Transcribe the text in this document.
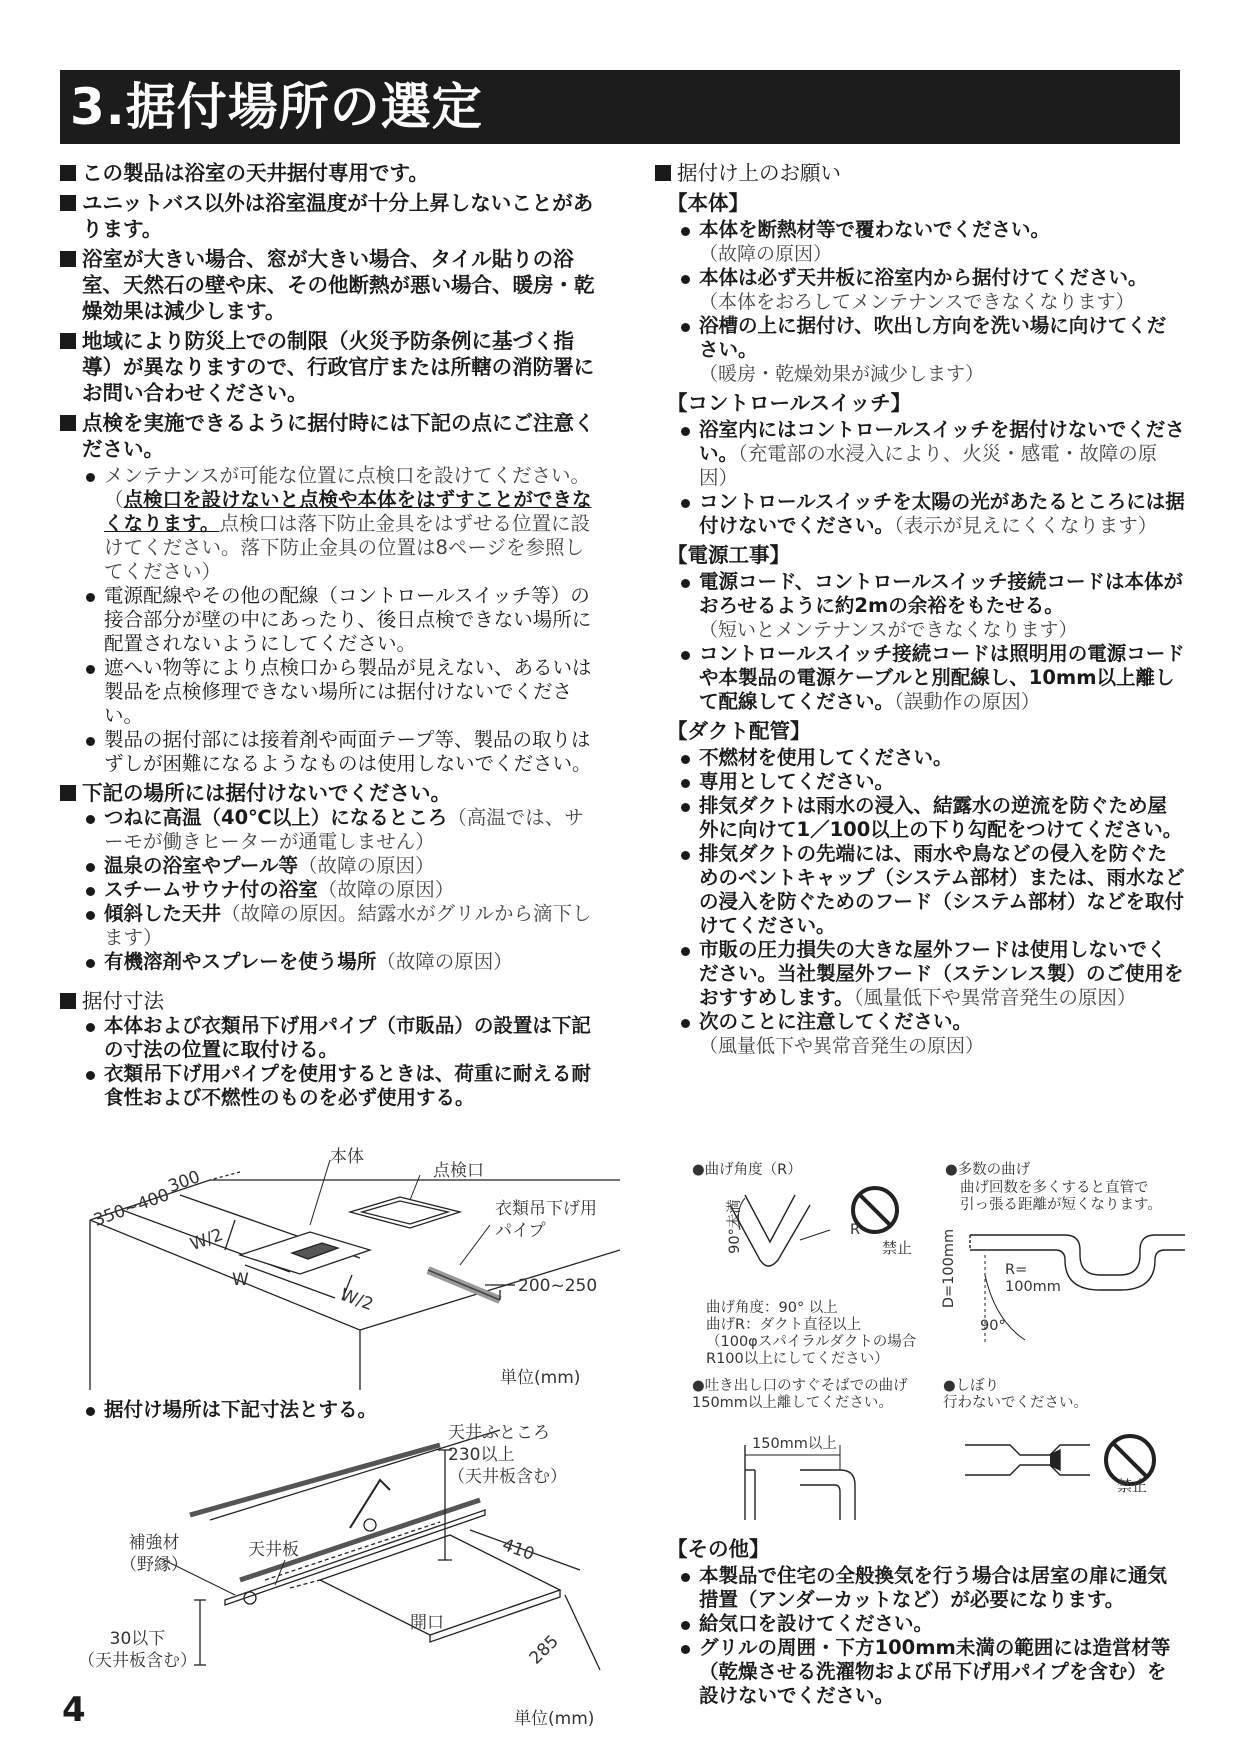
3.据付場所の選定

この製品は浴室の天井据付専用です。

ユニットバス以外は浴室温度が十分上昇しないことがあります。

浴室が大きい場合、窓が大きい場合、タイル貼りの浴室、天然石の壁や床、その他断熱が悪い場合、暖房・乾燥効果は減少します。

地域により防災上での制限（火災予防条例に基づく指導）が異なりますので、行政官庁または所轄の消防署にお問い合わせください。

点検を実施できるように据付時には下記の点にご注意ください。

メンテナンスが可能な位置に点検口を設けてください。（点検口を設けないと点検や本体をはずすことができなくなります。点検口は落下防止金具をはずせる位置に設けてください。落下防止金具の位置は8ページを参照してください）
電源配線やその他の配線（コントロールスイッチ等）の接合部分が壁の中にあったり、後日点検できない場所に配置されないようにしてください。
遮へい物等により点検口から製品が見えない、あるいは製品を点検修理できない場所には据付けないでください。
製品の据付部には接着剤や両面テープ等、製品の取りはずしが困難になるようなものは使用しないでください。

下記の場所には据付けないでください。

つねに高温（40℃以上）になるところ（高温では、サーモが働きヒーターが通電しません）
温泉の浴室やプール等（故障の原因）
スチームサウナ付の浴室（故障の原因）
傾斜した天井（故障の原因。結露水がグリルから滴下します）
有機溶剤やスプレーを使う場所（故障の原因）

据付寸法

本体および衣類吊下げ用パイプ（市販品）の設置は下記の寸法の位置に取付ける。
衣類吊下げ用パイプを使用するときは、荷重に耐える耐食性および不燃性のものを必ず使用する。
本体
点検口
衣類吊下げ用
パイプ
350~400
300
W/2
W
W/2	200~250
単位(mm)
据付け場所は下記寸法とする。
天井ふところ
230以上
（天井板含む）
補強材
（野縁）
天井板	410
開口
285
30以下
（天井板含む）
単位(mm)
4

据付け上のお願い

【本体】
本体を断熱材等で覆わないでください。
（故障の原因）
本体は必ず天井板に浴室内から据付けてください。
（本体をおろしてメンテナンスできなくなります）
浴槽の上に据付け、吹出し方向を洗い場に向けてください。
（暖房・乾燥効果が減少します）
【コントロールスイッチ】
浴室内にはコントロールスイッチを据付けないでください。（充電部の水浸入により、火災・感電・故障の原因）
コントロールスイッチを太陽の光があたるところには据付けないでください。（表示が見えにくくなります）
【電源工事】
電源コード、コントロールスイッチ接続コードは本体がおろせるように約2mの余裕をもたせる。
（短いとメンテナンスができなくなります）
コントロールスイッチ接続コードは照明用の電源コードや本製品の電源ケーブルと別配線し、10mm以上離して配線してください。（誤動作の原因）
【ダクト配管】
不燃材を使用してください。
専用としてください。
排気ダクトは雨水の浸入、結露水の逆流を防ぐため屋外に向けて1／100以上の下り勾配をつけてください。
排気ダクトの先端には、雨水や鳥などの侵入を防ぐためのベントキャップ（システム部材）または、雨水などの浸入を防ぐためのフード（システム部材）などを取付けてください。
市販の圧力損失の大きな屋外フードは使用しないでください。当社製屋外フード（ステンレス製）のご使用をおすすめします。（風量低下や異常音発生の原因）
次のことに注意してください。
（風量低下や異常音発生の原因）
●曲げ角度（R）
90°未満	R
禁止
曲げ角度：90° 以上
曲げR：ダクト直径以上
（100φスパイラルダクトの場合
R100以上にしてください）
●多数の曲げ
曲げ回数を多くすると直管で
引っ張る距離が短くなります。
D=100mm	R=
100mm
90°
●吐き出し口のすぐそばでの曲げ
150mm以上離してください。
150mm以上
●しぼり
行わないでください。
禁止
【その他】
本製品で住宅の全般換気を行う場合は居室の扉に通気措置（アンダーカットなど）が必要になります。
給気口を設けてください。
グリルの周囲・下方100mm未満の範囲には造営材等（乾燥させる洗濯物および吊下げ用パイプを含む）を設けないでください。
